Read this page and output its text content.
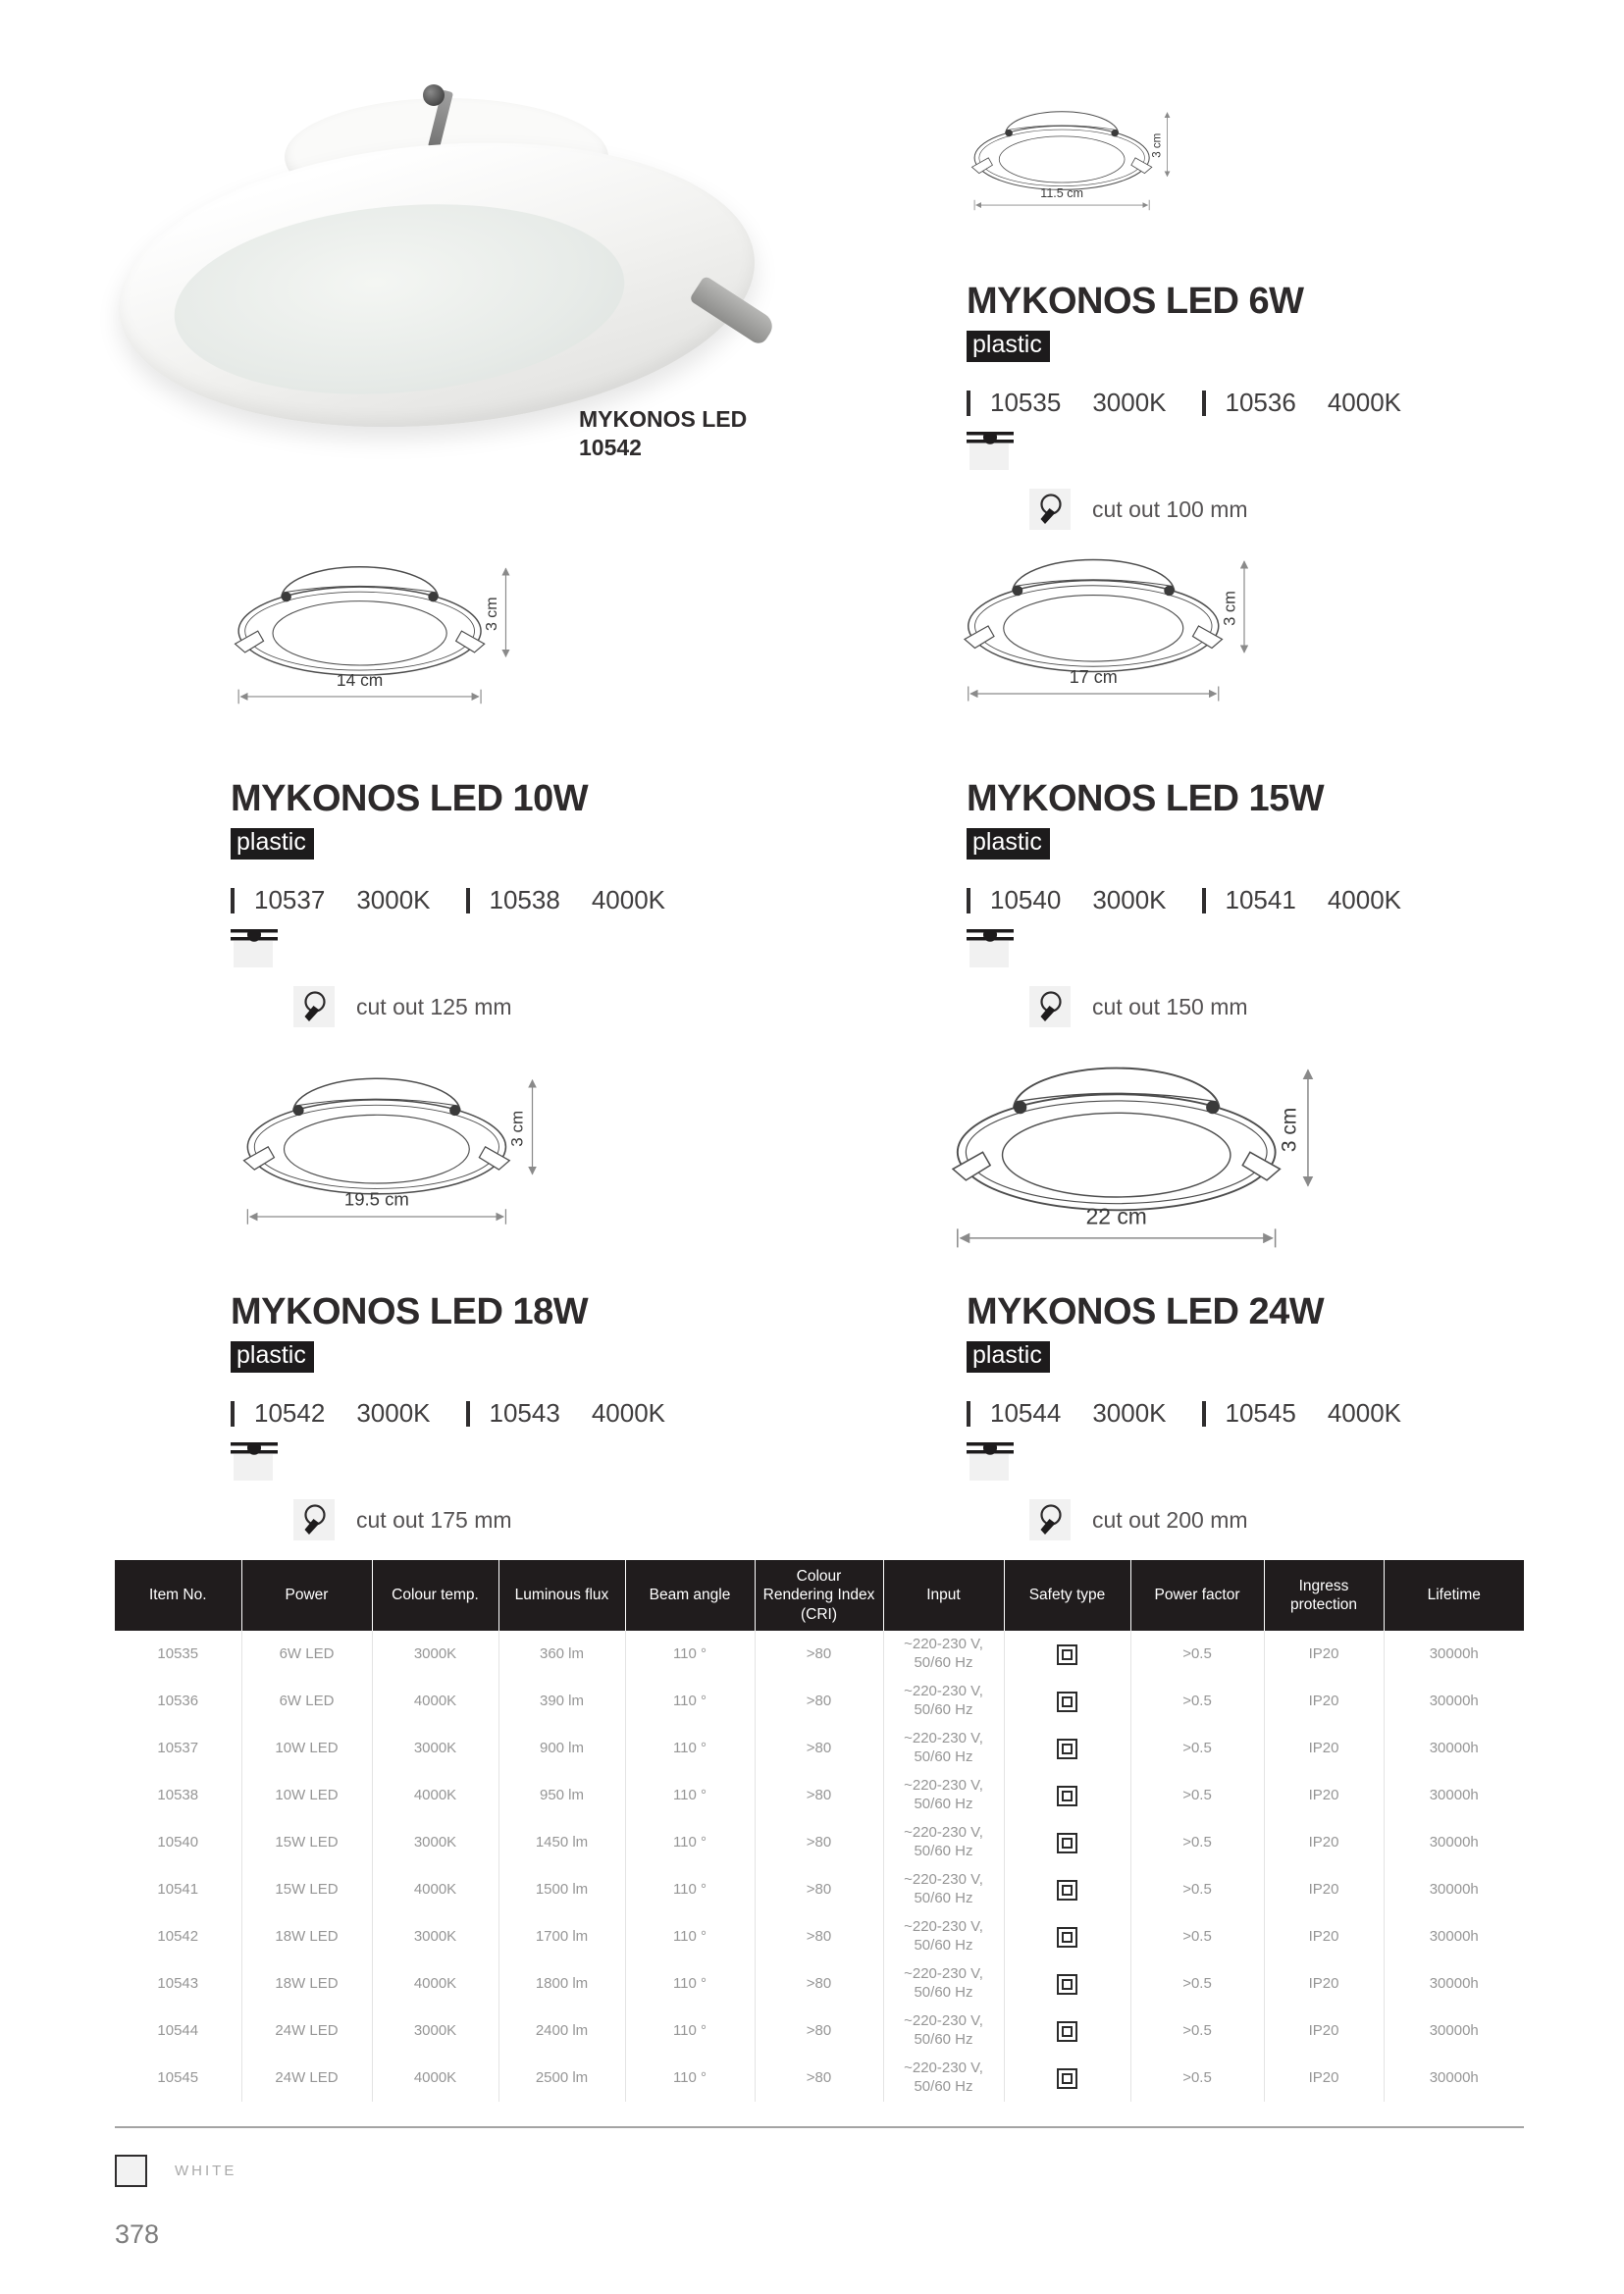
MYKONOS LED
10542
11.5 cm
3 cm
14 cm
3 cm
17 cm
3 cm
19.5 cm
3 cm
22 cm
3 cm
MYKONOS LED 6W
plastic
10535 3000K 10536 4000K
cut out 100 mm
MYKONOS LED 10W
plastic
10537 3000K 10538 4000K
cut out 125 mm
MYKONOS LED 15W
plastic
10540 3000K 10541 4000K
cut out 150 mm
MYKONOS LED 18W
plastic
10542 3000K 10543 4000K
cut out 175 mm
MYKONOS LED 24W
plastic
10544 3000K 10545 4000K
cut out 200 mm
Item No.	Power	Colour temp.	Luminous flux	Beam angle	Colour Rendering Index (CRI)	Input	Safety type	Power factor	Ingress protection	Lifetime
10535	6W LED	3000K	360 lm	110 °	>80	~220-230 V, 50/60 Hz		>0.5	IP20	30000h
10536	6W LED	4000K	390 lm	110 °	>80	~220-230 V, 50/60 Hz		>0.5	IP20	30000h
10537	10W LED	3000K	900 lm	110 °	>80	~220-230 V, 50/60 Hz		>0.5	IP20	30000h
10538	10W LED	4000K	950 lm	110 °	>80	~220-230 V, 50/60 Hz		>0.5	IP20	30000h
10540	15W LED	3000K	1450 lm	110 °	>80	~220-230 V, 50/60 Hz		>0.5	IP20	30000h
10541	15W LED	4000K	1500 lm	110 °	>80	~220-230 V, 50/60 Hz		>0.5	IP20	30000h
10542	18W LED	3000K	1700 lm	110 °	>80	~220-230 V, 50/60 Hz		>0.5	IP20	30000h
10543	18W LED	4000K	1800 lm	110 °	>80	~220-230 V, 50/60 Hz		>0.5	IP20	30000h
10544	24W LED	3000K	2400 lm	110 °	>80	~220-230 V, 50/60 Hz		>0.5	IP20	30000h
10545	24W LED	4000K	2500 lm	110 °	>80	~220-230 V, 50/60 Hz		>0.5	IP20	30000h
WHITE
378
